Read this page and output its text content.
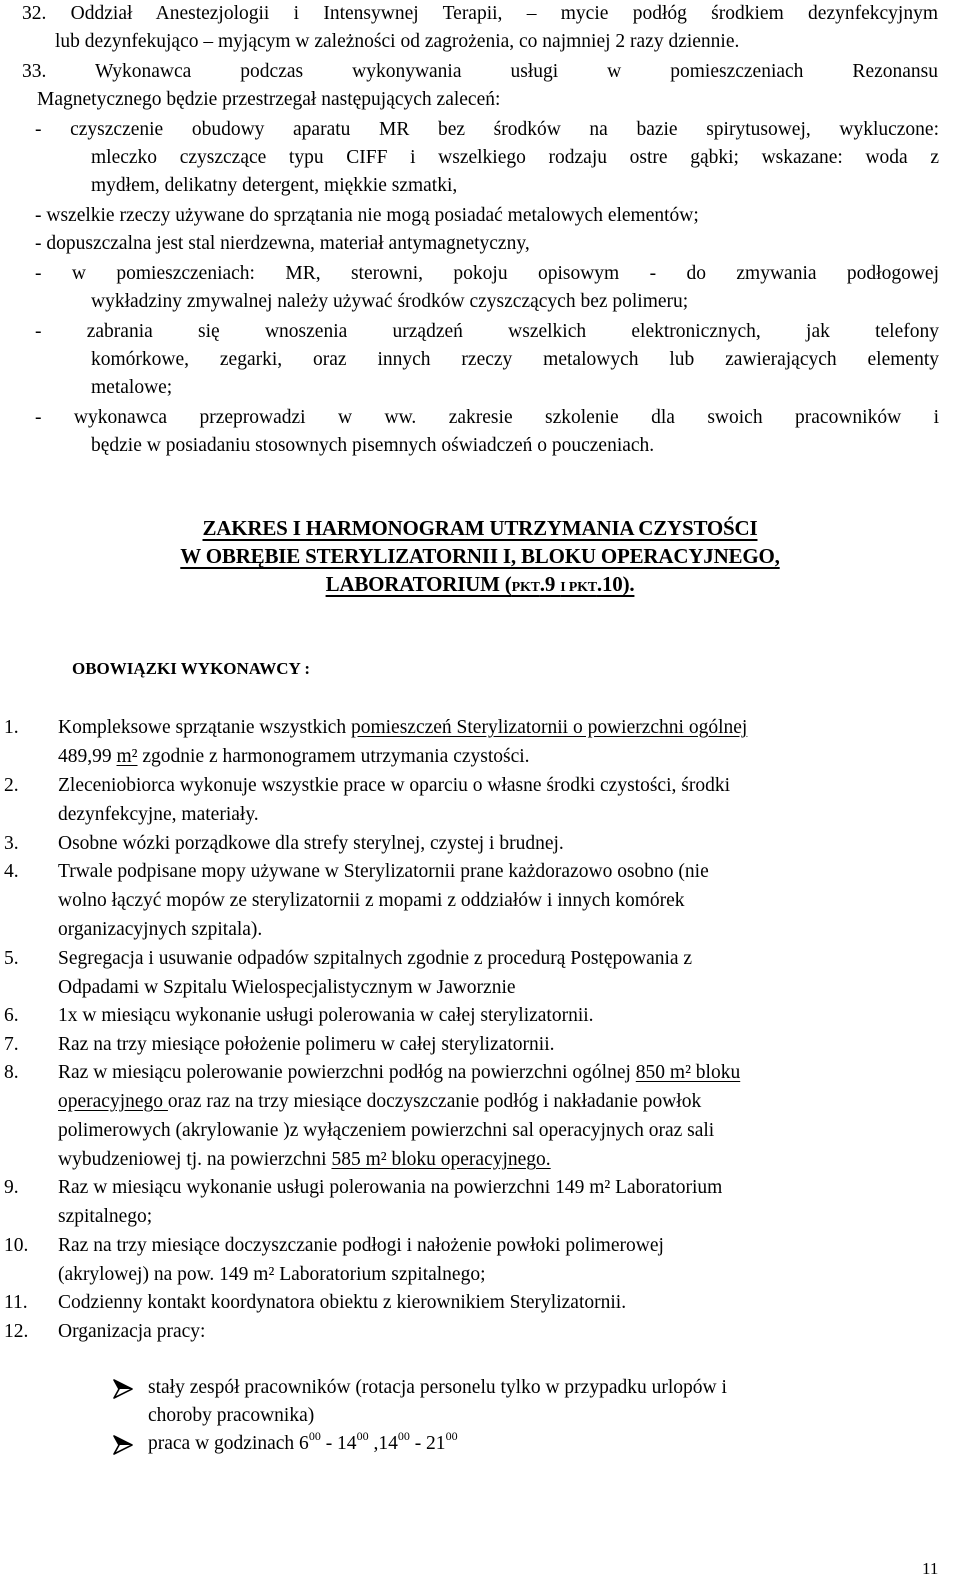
32. Oddział Anestezjologii i Intensywnej Terapii, – mycie podłóg środkiem dezynfekcyjnym
lub dezynfekująco – myjącym w zależności od zagrożenia, co najmniej 2 razy dziennie.
33. Wykonawca podczas wykonywania usługi w pomieszczeniach Rezonansu
Magnetycznego będzie przestrzegał następujących zaleceń:
- czyszczenie obudowy aparatu MR bez środków na bazie spirytusowej, wykluczone:
mleczko czyszczące typu CIFF i wszelkiego rodzaju ostre gąbki; wskazane: woda z
mydłem, delikatny detergent, miękkie szmatki,
- wszelkie rzeczy używane do sprzątania nie mogą posiadać metalowych elementów;
- dopuszczalna jest stal nierdzewna, materiał antymagnetyczny,
- w pomieszczeniach: MR, sterowni, pokoju opisowym - do zmywania podłogowej
wykładziny zmywalnej należy używać środków czyszczących bez polimeru;
- zabrania się wnoszenia urządzeń wszelkich elektronicznych, jak telefony
komórkowe, zegarki, oraz innych rzeczy metalowych lub zawierających elementy
metalowe;
- wykonawca przeprowadzi w ww. zakresie szkolenie dla swoich pracowników i
będzie w posiadaniu stosownych pisemnych oświadczeń o pouczeniach.
ZAKRES I HARMONOGRAM UTRZYMANIA CZYSTOŚCI
W OBRĘBIE STERYLIZATORNII I, BLOKU OPERACYJNEGO,
LABORATORIUM (PKT.9 I PKT.10).
OBOWIĄZKI WYKONAWCY :
1. Kompleksowe sprzątanie wszystkich pomieszczeń Sterylizatornii o powierzchni ogólnej
489,99 m² zgodnie z harmonogramem utrzymania czystości.
2. Zleceniobiorca wykonuje wszystkie prace w oparciu o własne środki czystości, środki
dezynfekcyjne, materiały.
3. Osobne wózki porządkowe dla strefy sterylnej, czystej i brudnej.
4. Trwale podpisane mopy używane w Sterylizatornii prane każdorazowo osobno (nie
wolno łączyć mopów ze sterylizatornii z mopami z oddziałów i innych komórek
organizacyjnych szpitala).
5. Segregacja i usuwanie odpadów szpitalnych zgodnie z procedurą Postępowania z
Odpadami w Szpitalu Wielospecjalistycznym w Jaworznie
6. 1x w miesiącu wykonanie usługi polerowania w całej sterylizatornii.
7. Raz na trzy miesiące położenie polimeru w całej sterylizatornii.
8. Raz w miesiącu polerowanie powierzchni podłóg na powierzchni ogólnej 850 m² bloku
operacyjnego oraz raz na trzy miesiące doczyszczanie podłóg i nakładanie powłok
polimerowych (akrylowanie )z wyłączeniem powierzchni sal operacyjnych oraz sali
wybudzeniowej tj. na powierzchni 585 m² bloku operacyjnego.
9. Raz w miesiącu wykonanie usługi polerowania na powierzchni 149 m² Laboratorium
szpitalnego;
10. Raz na trzy miesiące doczyszczanie podłogi i nałożenie powłoki polimerowej
(akrylowej) na pow. 149 m² Laboratorium szpitalnego;
11. Codzienny kontakt koordynatora obiektu z kierownikiem Sterylizatornii.
12. Organizacja pracy:
stały zespół pracowników (rotacja personelu tylko w przypadku urlopów i
choroby pracownika)
praca w godzinach $6^{00} - 14^{00}$ $,14^{00} - 21^{00}$
11
